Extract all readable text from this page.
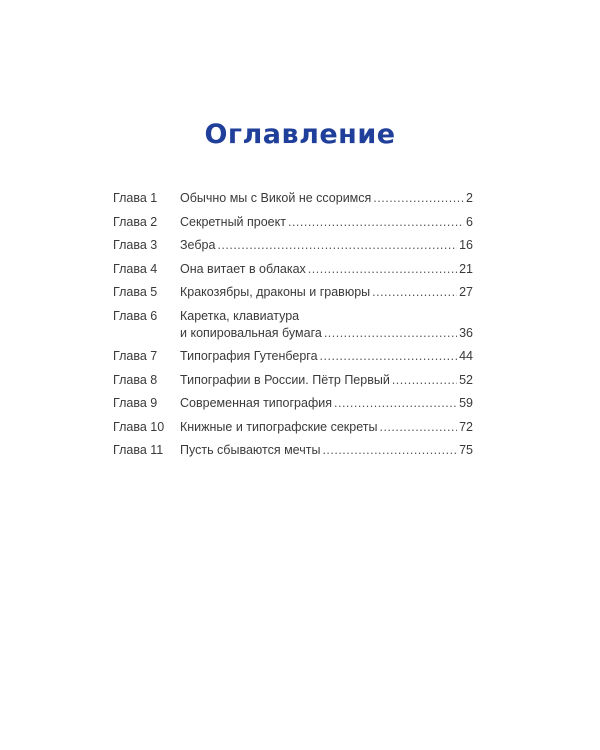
Оглавление
Глава 1	Обычно мы с Викой не ссоримся .....	2
Глава 2	Секретный проект .....	6
Глава 3	Зебра .....	16
Глава 4	Она витает в облаках .....	21
Глава 5	Кракозябры, драконы и гравюры .....	27
Глава 6	Каретка, клавиатура
и копировальная бумага .....	36
Глава 7	Типография Гутенберга .....	44
Глава 8	Типографии в России. Пётр Первый .....	52
Глава 9	Современная типография .....	59
Глава 10	Книжные и типографские секреты .....	72
Глава 11	Пусть сбываются мечты .....	75
